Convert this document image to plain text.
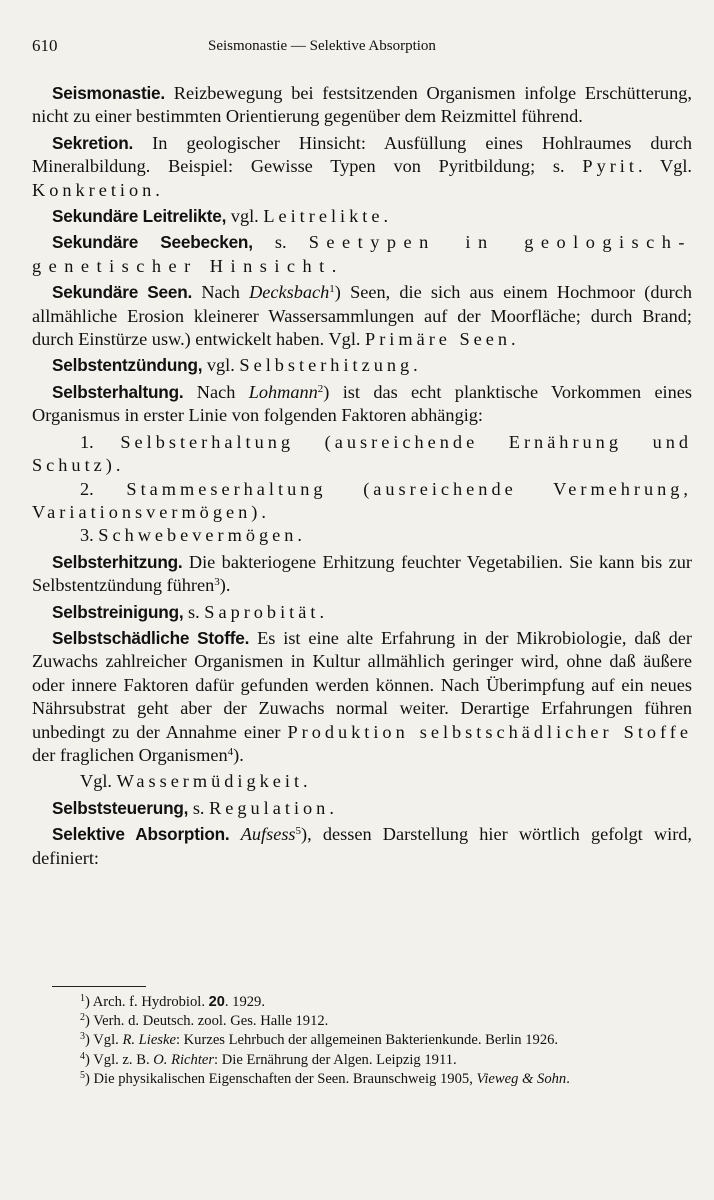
610	Seismonastie — Selektive Absorption

Seismonastie. Reizbewegung bei festsitzenden Organismen infolge Erschütterung, nicht zu einer bestimmten Orientierung gegenüber dem Reizmittel führend.

Sekretion. In geologischer Hinsicht: Ausfüllung eines Hohlraumes durch Mineralbildung. Beispiel: Gewisse Typen von Pyritbildung; s. Pyrit. Vgl. Konkretion.

Sekundäre Leitrelikte, vgl. Leitrelikte.

Sekundäre Seebecken, s. Seetypen in geologisch-genetischer Hinsicht.

Sekundäre Seen. Nach Decksbach$^1$) Seen, die sich aus einem Hochmoor (durch allmähliche Erosion kleinerer Wassersammlungen auf der Moorfläche; durch Brand; durch Einstürze usw.) entwickelt haben. Vgl. Primäre Seen.

Selbstentzündung, vgl. Selbsterhitzung.

Selbsterhaltung. Nach Lohmann$^2$) ist das echt planktische Vorkommen eines Organismus in erster Linie von folgenden Faktoren abhängig:

1. Selbsterhaltung (ausreichende Ernährung und Schutz).

2. Stammeserhaltung (ausreichende Vermehrung, Variationsvermögen).

3. Schwebevermögen.

Selbsterhitzung. Die bakteriogene Erhitzung feuchter Vegetabilien. Sie kann bis zur Selbstentzündung führen$^3$).

Selbstreinigung, s. Saprobität.

Selbstschädliche Stoffe. Es ist eine alte Erfahrung in der Mikrobiologie, daß der Zuwachs zahlreicher Organismen in Kultur allmählich geringer wird, ohne daß äußere oder innere Faktoren dafür gefunden werden können. Nach Überimpfung auf ein neues Nährsubstrat geht aber der Zuwachs normal weiter. Derartige Erfahrungen führen unbedingt zu der Annahme einer Produktion selbstschädlicher Stoffe der fraglichen Organismen$^4$).

Vgl. Wassermüdigkeit.

Selbststeuerung, s. Regulation.

Selektive Absorption. Aufsess$^5$), dessen Darstellung hier wörtlich gefolgt wird, definiert:

$^1$) Arch. f. Hydrobiol. 20. 1929.

$^2$) Verh. d. Deutsch. zool. Ges. Halle 1912.

$^3$) Vgl. R. Lieske: Kurzes Lehrbuch der allgemeinen Bakterienkunde. Berlin 1926.

$^4$) Vgl. z. B. O. Richter: Die Ernährung der Algen. Leipzig 1911.

$^5$) Die physikalischen Eigenschaften der Seen. Braunschweig 1905, Vieweg & Sohn.
